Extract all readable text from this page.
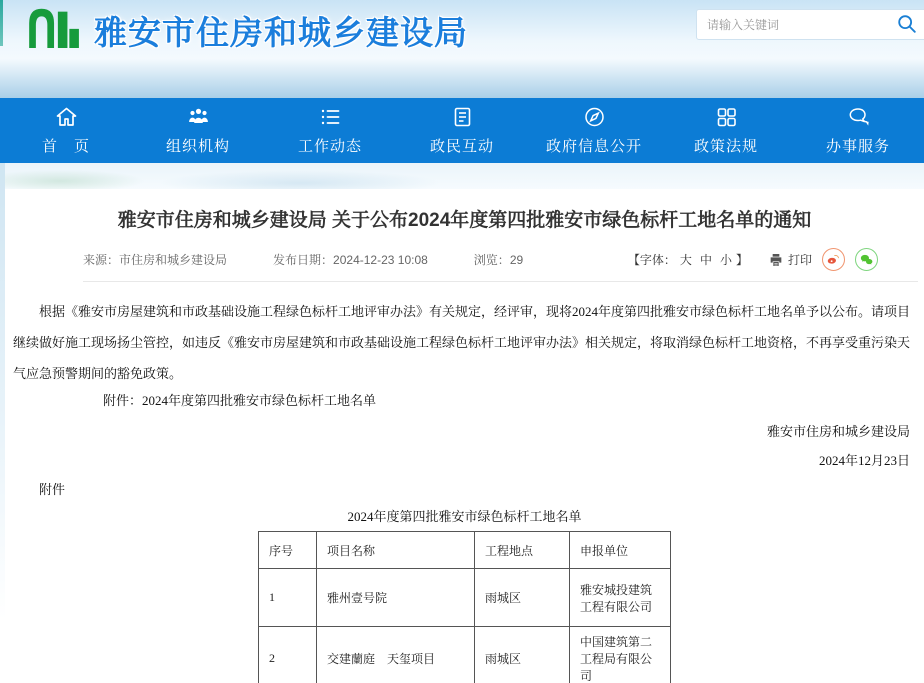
雅安市住房和城乡建设局
请输入关键词
首　页	组织机构	工作动态	政民互动	政府信息公开	政策法规	办事服务
雅安市住房和城乡建设局 关于公布2024年度第四批雅安市绿色标杆工地名单的通知
来源：市住房和城乡建设局	发布日期：2024-12-23 10:08	浏览：29	【字体： 大 中 小 】	打印

根据《雅安市房屋建筑和市政基础设施工程绿色标杆工地评审办法》有关规定，经评审，现将2024年度第四批雅安市绿色标杆工地名单予以公布。请项目继续做好施工现场扬尘管控，如违反《雅安市房屋建筑和市政基础设施工程绿色标杆工地评审办法》相关规定，将取消绿色标杆工地资格，不再享受重污染天气应急预警期间的豁免政策。

附件：2024年度第四批雅安市绿色标杆工地名单

雅安市住房和城乡建设局
2024年12月23日
附件
2024年度第四批雅安市绿色标杆工地名单
序号	项目名称	工程地点	申报单位
1	雅州壹号院	雨城区	雅安城投建筑工程有限公司
2	交建蘭庭　天玺项目	雨城区	中国建筑第二工程局有限公司
